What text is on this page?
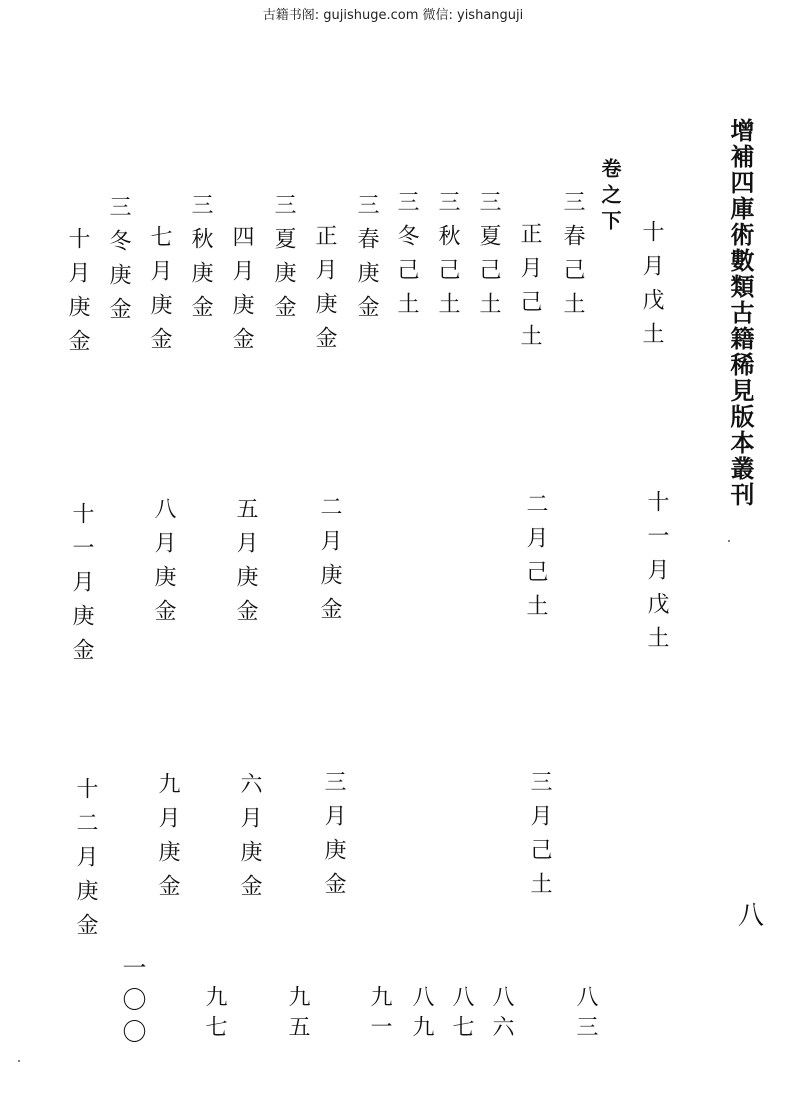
古籍书阁: gujishuge.com 微信: yishanguji
增補四庫術數類古籍稀見版本叢刊
卷之下
八
十月戊土
十一月戊土
三春己土
正月己土
二月己土
三月己土
三夏己土
三秋己土
三冬己土
三春庚金
正月庚金
二月庚金
三月庚金
三夏庚金
四月庚金
五月庚金
六月庚金
三秋庚金
七月庚金
八月庚金
九月庚金
三冬庚金
十月庚金
十一月庚金
十二月庚金
八三
八六
八七
八九
九一
九五
九七
一〇〇
